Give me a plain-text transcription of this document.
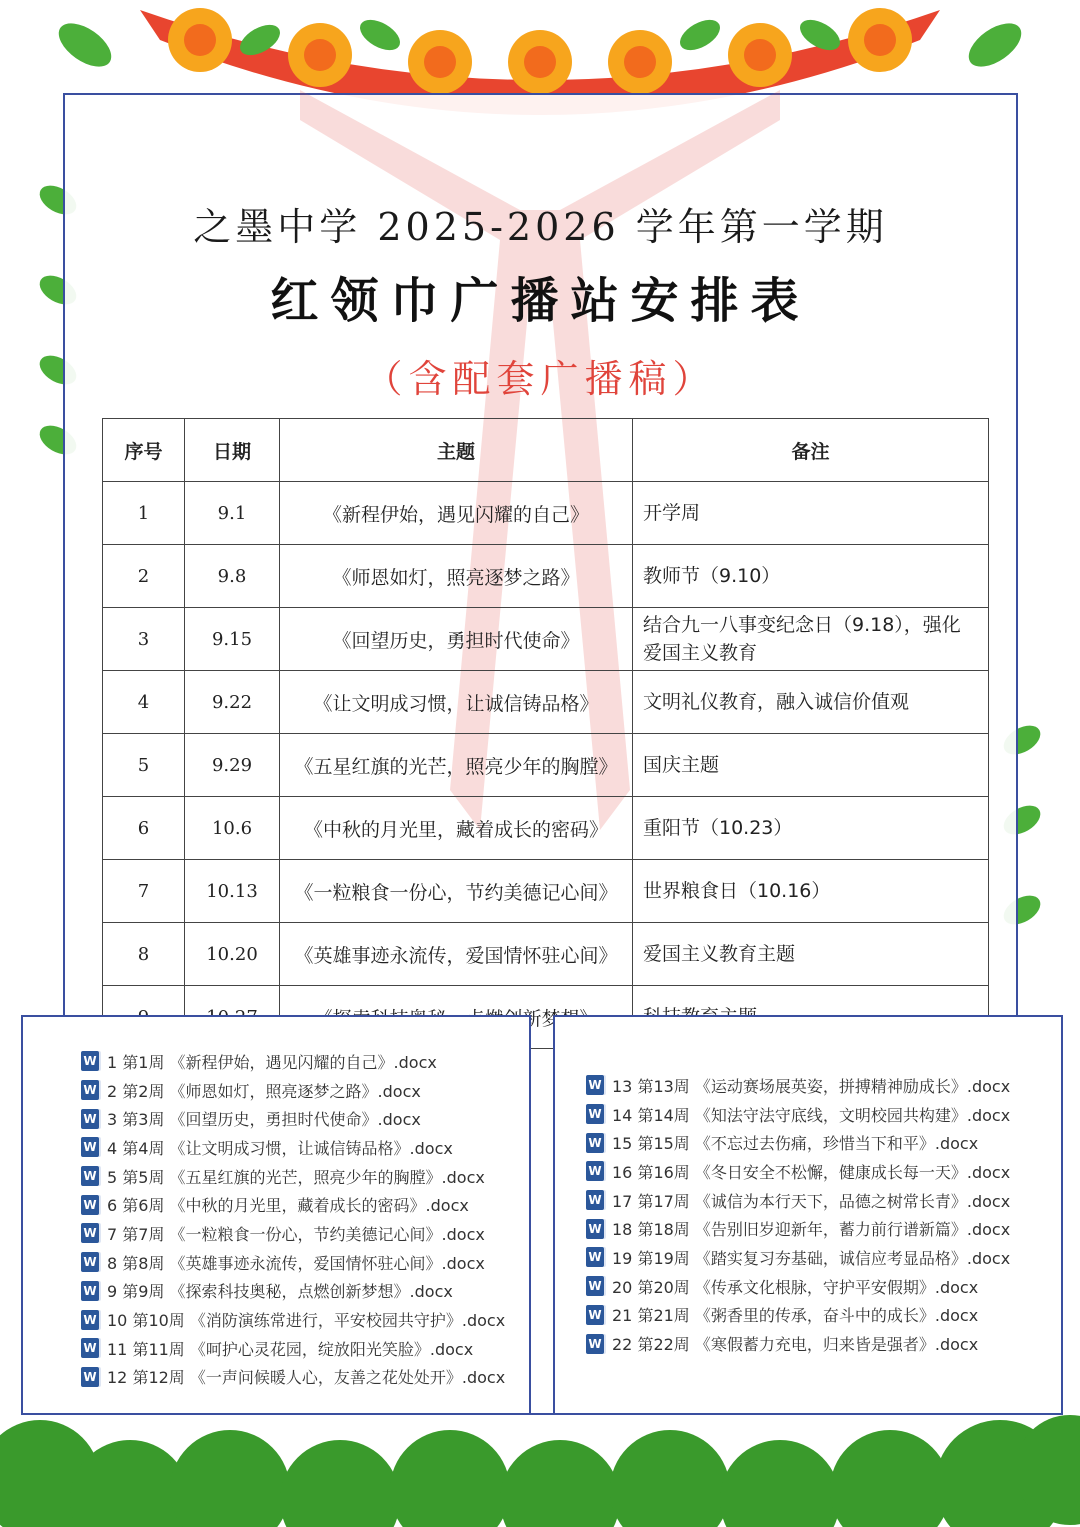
之墨中学 2025-2026 学年第一学期
红领巾广播站安排表
（含配套广播稿）
序号	日期	主题	备注
1	9.1	《新程伊始，遇见闪耀的自己》	开学周
2	9.8	《师恩如灯，照亮逐梦之路》	教师节（9.10）
3	9.15	《回望历史，勇担时代使命》	结合九一八事变纪念日（9.18），强化爱国主义教育
4	9.22	《让文明成习惯，让诚信铸品格》	文明礼仪教育，融入诚信价值观
5	9.29	《五星红旗的光芒，照亮少年的胸膛》	国庆主题
6	10.6	《中秋的月光里，藏着成长的密码》	重阳节（10.23）
7	10.13	《一粒粮食一份心，节约美德记心间》	世界粮食日（10.16）
8	10.20	《英雄事迹永流传，爱国情怀驻心间》	爱国主义教育主题

W 1 第1周 《新程伊始，遇见闪耀的自己》.docx
W 2 第2周 《师恩如灯，照亮逐梦之路》.docx
W 3 第3周 《回望历史，勇担时代使命》.docx
W 4 第4周 《让文明成习惯，让诚信铸品格》.docx
W 5 第5周 《五星红旗的光芒，照亮少年的胸膛》.docx
W 6 第6周 《中秋的月光里，藏着成长的密码》.docx
W 7 第7周 《一粒粮食一份心，节约美德记心间》.docx
W 8 第8周 《英雄事迹永流传，爱国情怀驻心间》.docx
W 9 第9周 《探索科技奥秘，点燃创新梦想》.docx
W 10 第10周 《消防演练常进行，平安校园共守护》.docx
W 11 第11周 《呵护心灵花园，绽放阳光笑脸》.docx
W 12 第12周 《一声问候暖人心，友善之花处处开》.docx
W 13 第13周 《运动赛场展英姿，拼搏精神励成长》.docx
W 14 第14周 《知法守法守底线，文明校园共构建》.docx
W 15 第15周 《不忘过去伤痛，珍惜当下和平》.docx
W 16 第16周 《冬日安全不松懈，健康成长每一天》.docx
W 17 第17周 《诚信为本行天下，品德之树常长青》.docx
W 18 第18周 《告别旧岁迎新年，蓄力前行谱新篇》.docx
W 19 第19周 《踏实复习夯基础，诚信应考显品格》.docx
W 20 第20周 《传承文化根脉，守护平安假期》.docx
W 21 第21周 《粥香里的传承，奋斗中的成长》.docx
W 22 第22周 《寒假蓄力充电，归来皆是强者》.docx
